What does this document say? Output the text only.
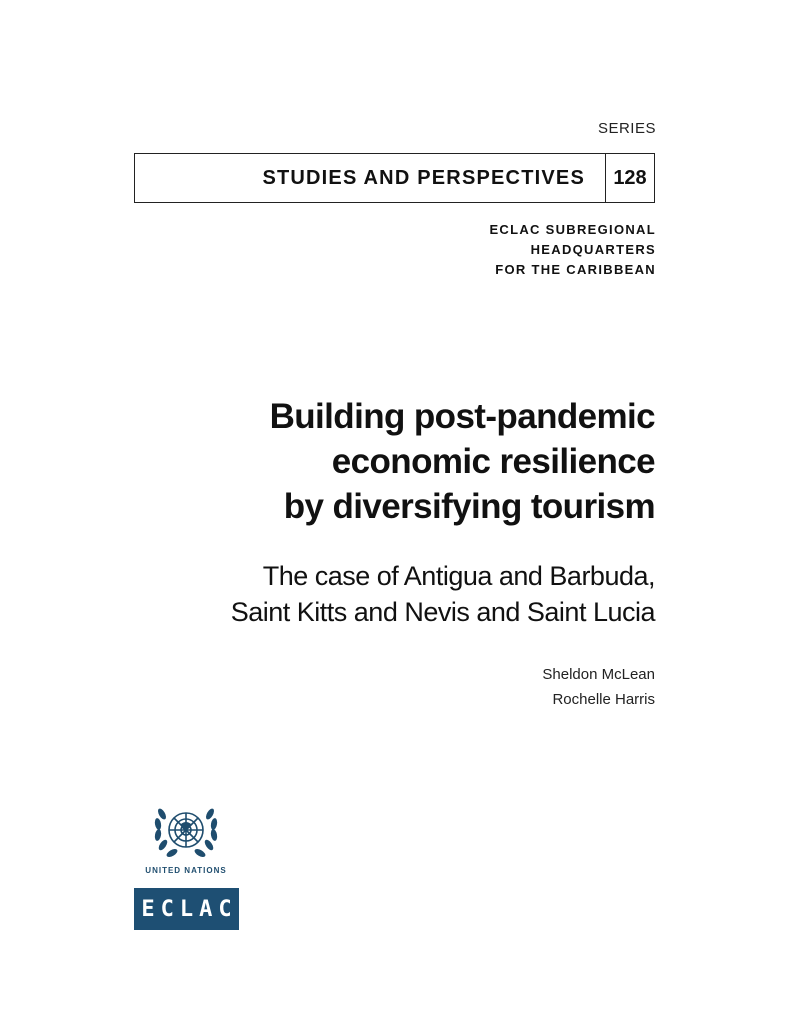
SERIES
STUDIES AND PERSPECTIVES	128
ECLAC SUBREGIONAL
HEADQUARTERS
FOR THE CARIBBEAN
Building post-pandemic
economic resilience
by diversifying tourism
The case of Antigua and Barbuda,
Saint Kitts and Nevis and Saint Lucia
Sheldon McLean
Rochelle Harris
UNITED NATIONS
ECLAC
